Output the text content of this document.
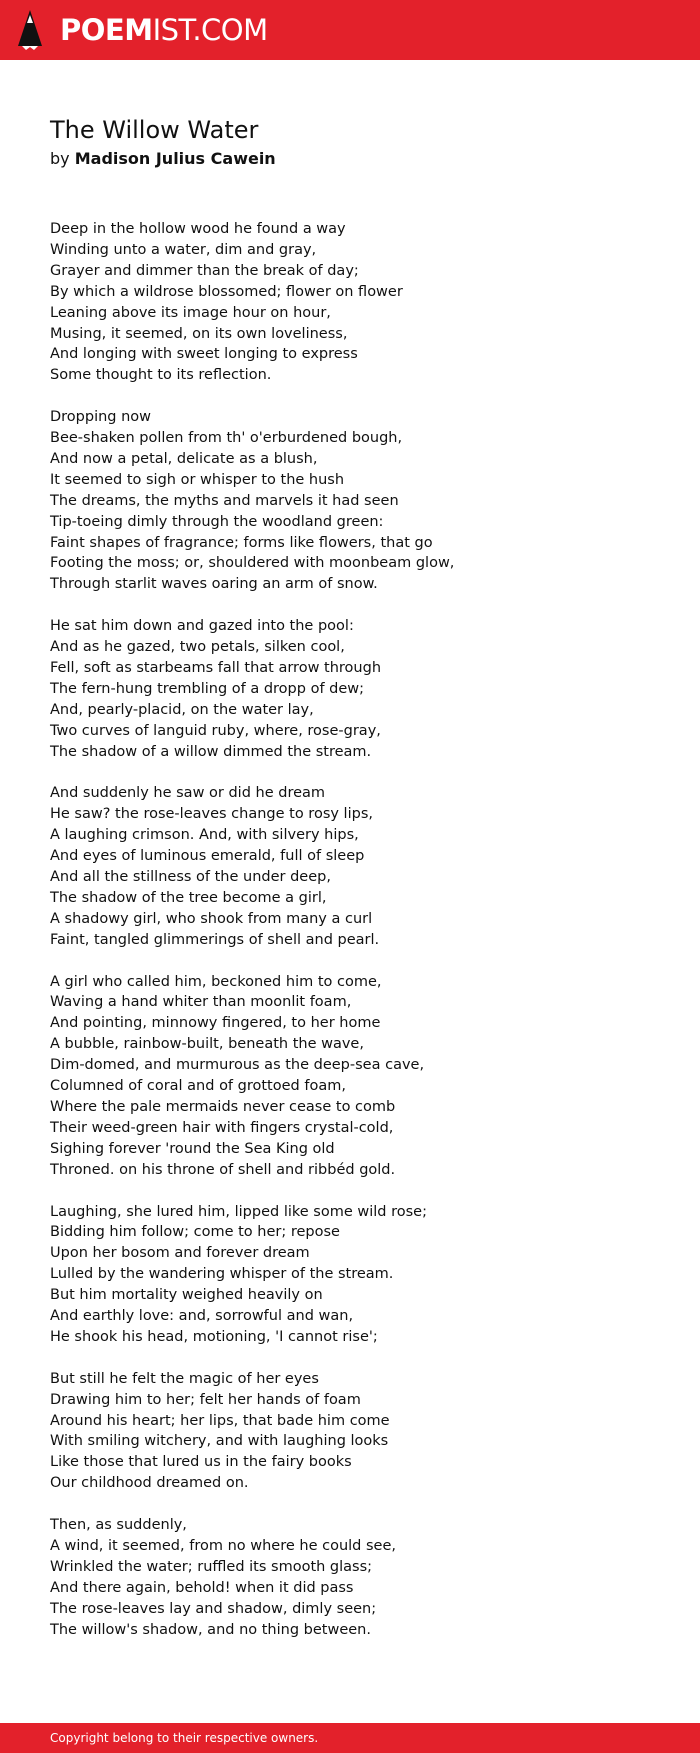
POEMIST.COM
The Willow Water
by Madison Julius Cawein
Deep in the hollow wood he found a way
Winding unto a water, dim and gray,
Grayer and dimmer than the break of day;
By which a wildrose blossomed; flower on flower
Leaning above its image hour on hour,
Musing, it seemed, on its own loveliness,
And longing with sweet longing to express
Some thought to its reflection.
Dropping now
Bee-shaken pollen from th' o'erburdened bough,
And now a petal, delicate as a blush,
It seemed to sigh or whisper to the hush
The dreams, the myths and marvels it had seen
Tip-toeing dimly through the woodland green:
Faint shapes of fragrance; forms like flowers, that go
Footing the moss; or, shouldered with moonbeam glow,
Through starlit waves oaring an arm of snow.
He sat him down and gazed into the pool:
And as he gazed, two petals, silken cool,
Fell, soft as starbeams fall that arrow through
The fern-hung trembling of a dropp of dew;
And, pearly-placid, on the water lay,
Two curves of languid ruby, where, rose-gray,
The shadow of a willow dimmed the stream.
And suddenly he saw or did he dream
He saw? the rose-leaves change to rosy lips,
A laughing crimson. And, with silvery hips,
And eyes of luminous emerald, full of sleep
And all the stillness of the under deep,
The shadow of the tree become a girl,
A shadowy girl, who shook from many a curl
Faint, tangled glimmerings of shell and pearl.
A girl who called him, beckoned him to come,
Waving a hand whiter than moonlit foam,
And pointing, minnowy fingered, to her home
A bubble, rainbow-built, beneath the wave,
Dim-domed, and murmurous as the deep-sea cave,
Columned of coral and of grottoed foam,
Where the pale mermaids never cease to comb
Their weed-green hair with fingers crystal-cold,
Sighing forever 'round the Sea King old
Throned. on his throne of shell and ribbéd gold.
Laughing, she lured him, lipped like some wild rose;
Bidding him follow; come to her; repose
Upon her bosom and forever dream
Lulled by the wandering whisper of the stream.
But him mortality weighed heavily on
And earthly love: and, sorrowful and wan,
He shook his head, motioning, 'I cannot rise';
But still he felt the magic of her eyes
Drawing him to her; felt her hands of foam
Around his heart; her lips, that bade him come
With smiling witchery, and with laughing looks
Like those that lured us in the fairy books
Our childhood dreamed on.
Then, as suddenly,
A wind, it seemed, from no where he could see,
Wrinkled the water; ruffled its smooth glass;
And there again, behold! when it did pass
The rose-leaves lay and shadow, dimly seen;
The willow's shadow, and no thing between.
Copyright belong to their respective owners.
